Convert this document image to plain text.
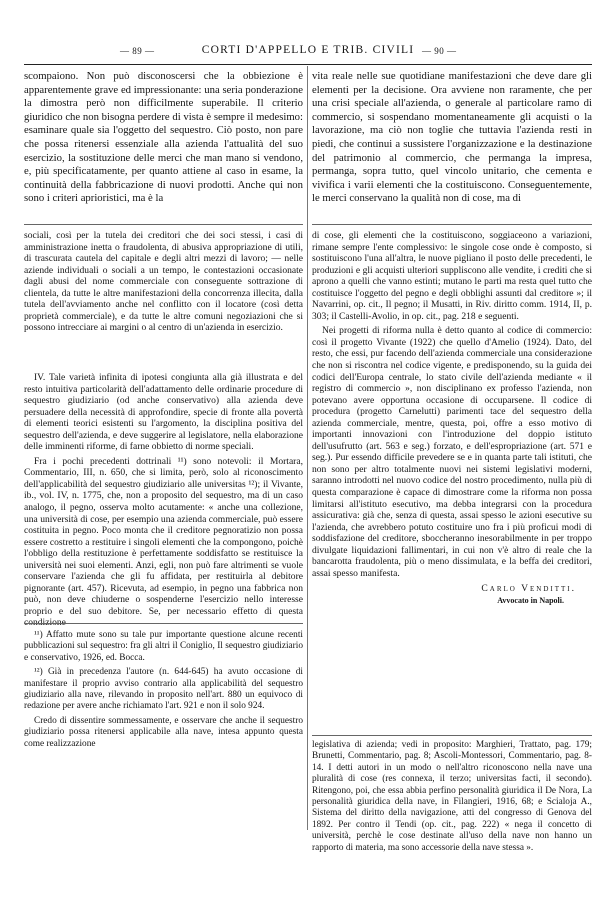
— 89 —	CORTI D'APPELLO E TRIB. CIVILI — 90 —

scompaiono. Non può disconoscersi che la obbiezione è apparentemente grave ed impressionante: una seria ponderazione la dimostra però non difficilmente superabile. Il criterio giuridico che non bisogna perdere di vista è sempre il medesimo: esaminare quale sia l'oggetto del sequestro. Ciò posto, non pare che possa ritenersi essenziale alla azienda l'attualità del suo esercizio, la sostituzione delle merci che man mano si vendono, e, più specificatamente, per quanto attiene al caso in esame, la continuità della fabbricazione di nuovi prodotti. Anche qui non sono i criteri aprioristici, ma è la

sociali, così per la tutela dei creditori che dei soci stessi, i casi di amministrazione inetta o fraudolenta, di abusiva appropriazione di utili, di trascurata cautela del capitale e degli altri mezzi di lavoro; — nelle aziende individuali o sociali a un tempo, le contestazioni occasionate dagli abusi del nome commerciale con conseguente sottrazione di clientela, da tutte le altre manifestazioni della concorrenza illecita, dalla tutela dell'avviamento anche nel conflitto con il locatore (così detta proprietà commerciale), e da tutte le altre comuni negoziazioni che si possono intrecciare ai margini o al centro di un'azienda in esercizio.

IV. Tale varietà infinita di ipotesi congiunta alla già illustrata e del resto intuitiva particolarità dell'adattamento delle ordinarie procedure di sequestro giudiziario (od anche conservativo) alla azienda deve persuadere della necessità di approfondire, specie di fronte alla povertà di elementi teorici esistenti su l'argomento, la disciplina positiva del sequestro dell'azienda, e deve suggerire al legislatore, nella elaborazione delle imminenti riforme, di farne obbietto di norme speciali.

Fra i pochi precedenti dottrinali ¹¹) sono notevoli: il Mortara, Commentario, III, n. 650, che si limita, però, solo al riconoscimento dell'applicabilità del sequestro giudiziario alle universitas ¹²); il Vivante, ib., vol. IV, n. 1775, che, non a proposito del sequestro, ma di un caso analogo, il pegno, osserva molto acutamente: « anche una collezione, una università di cose, per esempio una azienda commerciale, può essere costituita in pegno. Poco monta che il creditore pegnoratizio non possa essere costretto a restituire i singoli elementi che la compongono, poichè l'obbligo della restituzione è perfettamente soddisfatto se restituisce la università nei suoi elementi. Anzi, egli, non può fare altrimenti se vuole conservare l'azienda che gli fu affidata, per restituirla al debitore pignorante (art. 457). Ricevuta, ad esempio, in pegno una fabbrica non può, non deve chiuderne o sospenderne l'esercizio nello interesse proprio e del suo debitore. Se, per necessario effetto di questa condizione

¹¹) Affatto mute sono su tale pur importante questione alcune recenti pubblicazioni sul sequestro: fra gli altri il Coniglio, Il sequestro giudiziario e conservativo, 1926, ed. Bocca.

¹²) Già in precedenza l'autore (n. 644-645) ha avuto occasione di manifestare il proprio avviso contrario alla applicabilità del sequestro giudiziario alla nave, rilevando in proposito nell'art. 880 un equivoco di redazione per avere anche richiamato l'art. 921 e non il solo 924.

Credo di dissentire sommessamente, e osservare che anche il sequestro giudiziario possa ritenersi applicabile alla nave, intesa appunto questa come realizzazione

vita reale nelle sue quotidiane manifestazioni che deve dare gli elementi per la decisione. Ora avviene non raramente, che per una crisi speciale all'azienda, o generale al particolare ramo di commercio, si sospendano momentaneamente gli acquisti o la lavorazione, ma ciò non toglie che tuttavia l'azienda resti in piedi, che continui a sussistere l'organizzazione e la destinazione del patrimonio al commercio, che permanga la impresa, permanga, sopra tutto, quel vincolo unitario, che cementa e vivifica i varii elementi che la costituiscono. Conseguentemente, le merci conservano la qualità non di cose, ma di

di cose, gli elementi che la costituiscono, soggiaceono a variazioni, rimane sempre l'ente complessivo: le singole cose onde è composto, si sostituiscono l'una all'altra, le nuove pigliano il posto delle precedenti, le produzioni e gli acquisti ulteriori suppliscono alle vendite, i crediti che si aprono a quelli che vanno estinti; mutano le parti ma resta quel tutto che costituisce l'oggetto del pegno e degli obblighi assunti dal creditore »; il Navarrini, op. cit., Il pegno; il Musatti, in Riv. diritto comm. 1914, II, p. 303; il Castelli-Avolio, in op. cit., pag. 218 e seguenti.

Nei progetti di riforma nulla è detto quanto al codice di commercio: così il progetto Vivante (1922) che quello d'Amelio (1924). Dato, del resto, che essi, pur facendo dell'azienda commerciale una considerazione che non si riscontra nel codice vigente, e predisponendo, su la guida dei codici dell'Europa centrale, lo stato civile dell'azienda mediante « il registro di commercio », non disciplinano ex professo l'azienda, non potevano avere opportuna occasione di occuparsene. Il codice di procedura (progetto Carnelutti) parimenti tace del sequestro della azienda commerciale, mentre, questa, poi, offre a esso motivo di importanti innovazioni con l'introduzione del doppio istituto dell'usufrutto (art. 563 e seg.) forzato, e dell'espropriazione (art. 571 e seg.). Pur essendo difficile prevedere se e in quanta parte tali istituti, che non sono per altro totalmente nuovi nei sistemi legislativi moderni, saranno introdotti nel nuovo codice del nostro procedimento, nulla più di questa comparazione è capace di dimostrare come la riforma non possa limitarsi all'istituto esecutivo, ma debba integrarsi con la procedura assicurativa: già che, senza di questa, assai spesso le azioni esecutive su l'azienda, che avrebbero potuto costituire uno fra i più proficui modi di soddisfazione del creditore, sboccheranno inesorabilmente in per troppo divulgate liquidazioni fallimentari, in cui non v'è altro di reale che la bancarotta fraudolenta, più o meno dissimulata, e la beffa dei creditori, assai spesso manifesta.

Carlo Venditti.
Avvocato in Napoli.

legislativa di azienda; vedi in proposito: Marghieri, Trattato, pag. 179; Brunetti, Commentario, pag. 8; Ascoli-Montessori, Commentario, pag. 8-14. I detti autori in un modo o nell'altro riconoscono nella nave una pluralità di cose (res connexa, il terzo; universitas facti, il secondo). Ritengono, poi, che essa abbia perfino personalità giuridica il De Nora, La personalità giuridica della nave, in Filangieri, 1916, 68; e Scialoja A., Sistema del diritto della navigazione, atti del congresso di Genova del 1892. Per contro il Tendi (op. cit., pag. 222) « nega il concetto di università, perchè le cose destinate all'uso della nave non hanno un rapporto di materia, ma sono accessorie della nave stessa ».
